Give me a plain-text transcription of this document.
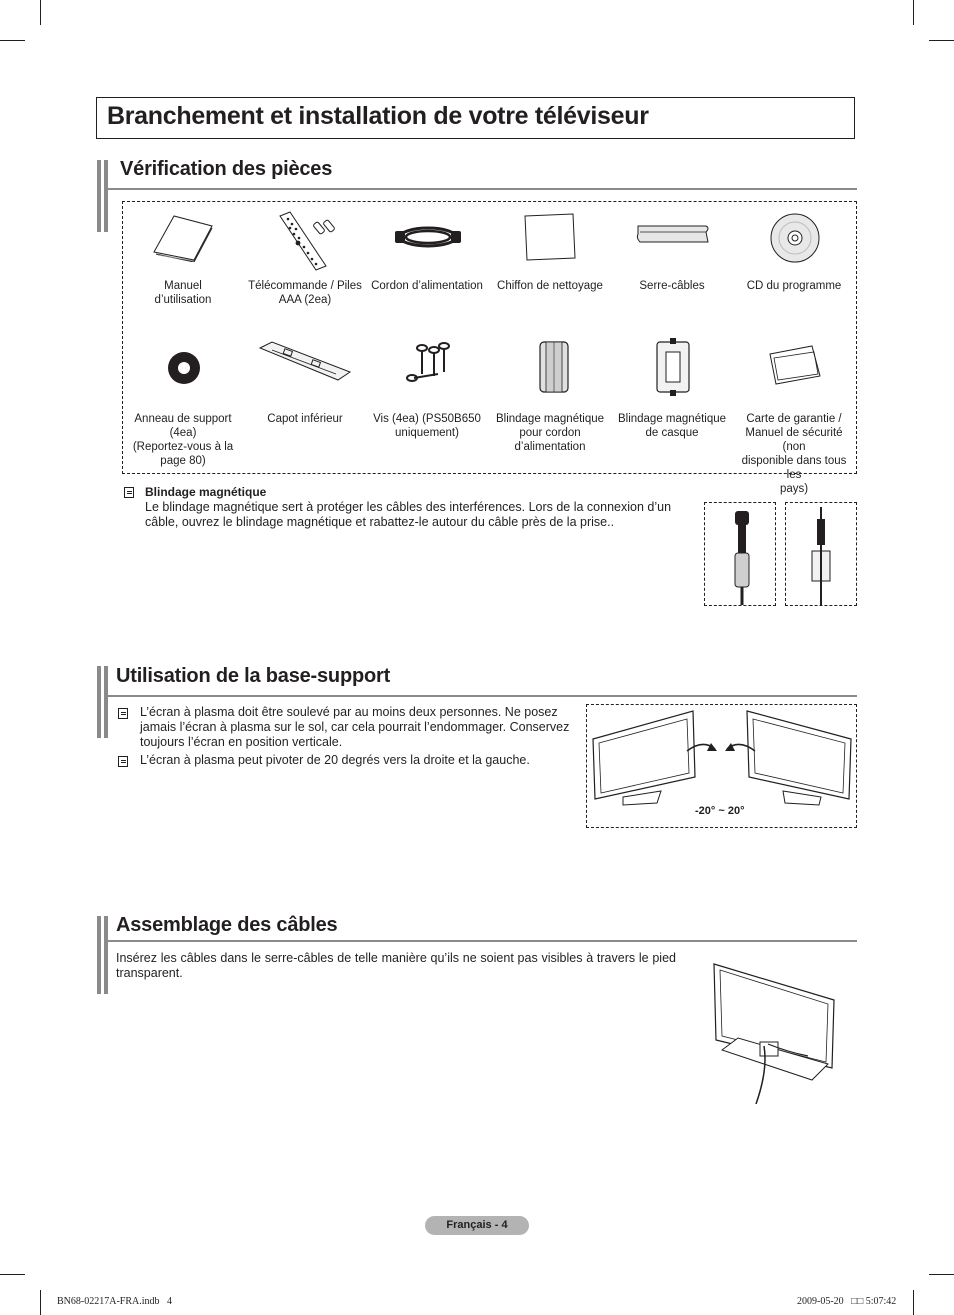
Branchement et installation de votre téléviseur
Vérification des pièces
Manuel
d’utilisation
Télécommande / Piles
AAA (2ea)
Cordon d’alimentation	Chiffon de nettoyage	Serre-câbles	CD du programme
Anneau de support (4ea)
(Reportez-vous à la
page 80)
Capot inférieur	Vis (4ea) (PS50B650
uniquement)
Blindage magnétique
pour cordon
d’alimentation
Blindage magnétique
de casque
Carte de garantie /
Manuel de sécurité (non
disponible dans tous les
pays)
Blindage magnétique
Le blindage magnétique sert à protéger les câbles des interférences. Lors de la connexion d’un câble, ouvrez le blindage magnétique et rabattez-le autour du câble près de la prise..
Utilisation de la base-support
L’écran à plasma doit être soulevé par au moins deux personnes. Ne posez jamais l’écran à plasma sur le sol, car cela pourrait l’endommager. Conservez toujours l’écran en position verticale.
L’écran à plasma peut pivoter de 20 degrés vers la droite et la gauche.
-20° ~ 20°
Assemblage des câbles
Insérez les câbles dans le serre-câbles de telle manière qu’ils ne soient pas visibles à travers le pied transparent.
Français - 4
BN68-02217A-FRA.indb   4	2009-05-20   □□ 5:07:42
